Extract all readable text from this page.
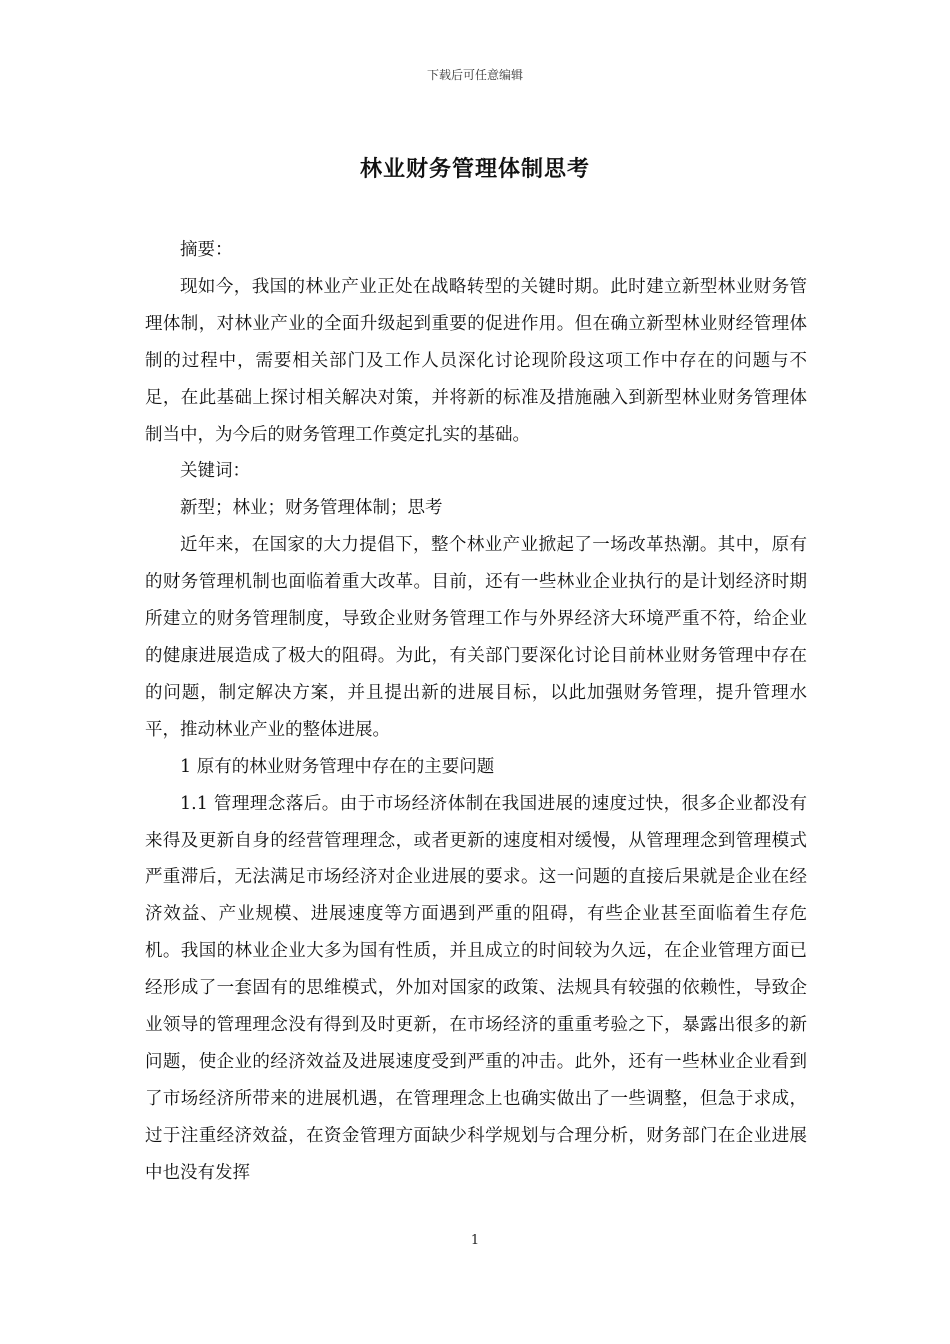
下载后可任意编辑
林业财务管理体制思考

摘要：

现如今，我国的林业产业正处在战略转型的关键时期。此时建立新型林业财务管理体制，对林业产业的全面升级起到重要的促进作用。但在确立新型林业财经管理体制的过程中，需要相关部门及工作人员深化讨论现阶段这项工作中存在的问题与不足，在此基础上探讨相关解决对策，并将新的标准及措施融入到新型林业财务管理体制当中，为今后的财务管理工作奠定扎实的基础。

关键词：

新型；林业；财务管理体制；思考

近年来，在国家的大力提倡下，整个林业产业掀起了一场改革热潮。其中，原有的财务管理机制也面临着重大改革。目前，还有一些林业企业执行的是计划经济时期所建立的财务管理制度，导致企业财务管理工作与外界经济大环境严重不符，给企业的健康进展造成了极大的阻碍。为此，有关部门要深化讨论目前林业财务管理中存在的问题，制定解决方案，并且提出新的进展目标，以此加强财务管理，提升管理水平，推动林业产业的整体进展。

1 原有的林业财务管理中存在的主要问题

1.1 管理理念落后。由于市场经济体制在我国进展的速度过快，很多企业都没有来得及更新自身的经营管理理念，或者更新的速度相对缓慢，从管理理念到管理模式严重滞后，无法满足市场经济对企业进展的要求。这一问题的直接后果就是企业在经济效益、产业规模、进展速度等方面遇到严重的阻碍，有些企业甚至面临着生存危机。我国的林业企业大多为国有性质，并且成立的时间较为久远，在企业管理方面已经形成了一套固有的思维模式，外加对国家的政策、法规具有较强的依赖性，导致企业领导的管理理念没有得到及时更新，在市场经济的重重考验之下，暴露出很多的新问题，使企业的经济效益及进展速度受到严重的冲击。此外，还有一些林业企业看到了市场经济所带来的进展机遇，在管理理念上也确实做出了一些调整，但急于求成，过于注重经济效益，在资金管理方面缺少科学规划与合理分析，财务部门在企业进展中也没有发挥

1
